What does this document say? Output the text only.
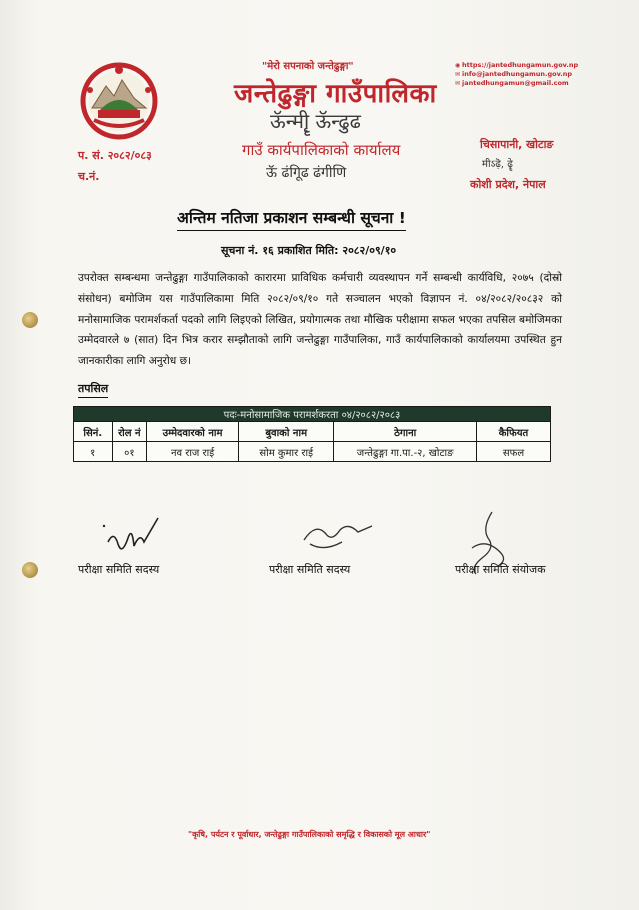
"मेरो सपनाको जन्तेढुङ्गा"
जन्तेढुङ्गा गाउँपालिका
ऊॅन्मीॄ़ ऊॅन्ढुढ
गाउँ कार्यपालिकाको कार्यालय
ऊॅ ढंगिूढ ढंगीणि
◉ https://jantedhungamun.gov.np
✉ info@jantedhungamun.gov.np
✉ jantedhungamun@gmail.com
चिसापानी, खोटाङ
मीऽढ़ॆ, ढेॄ़
कोशी प्रदेश, नेपाल
प. सं. २०८२/०८३
च.नं.
अन्तिम नतिजा प्रकाशन सम्बन्धी सूचना !
सूचना नं. १६ प्रकाशित मिति: २०८२/०९/१०
उपरोक्त सम्बन्धमा जन्तेढुङ्गा गाउँपालिकाको कारारमा प्राविधिक कर्मचारी व्यवस्थापन गर्ने सम्बन्धी कार्यविधि, २०७५ (दोस्रो संसोधन) बमोजिम यस गाउँपालिकामा मिति २०८२/०९/१० गते सञ्चालन भएको विज्ञापन नं. ०४/२०८२/२०८३२ को मनोसामाजिक परामर्शकर्ता पदको लागि लिइएको लिखित, प्रयोगात्मक तथा मौखिक परीक्षामा सफल भएका तपसिल बमोजिमका उम्मेदवारले ७ (सात) दिन भित्र करार सम्झौताको लागि जन्तेढुङ्गा गाउँपालिका, गाउँ कार्यपालिकाको कार्यालयमा उपस्थित हुन जानकारीका लागि अनुरोध छ।
तपसिल
पदः-मनोसामाजिक परामर्शकरता ०४/२०८२/२०८३					
सिनं.	रोल नं	उम्मेदवारको नाम	बुवाको नाम	ठेगाना	कैफियत
१	०१	नव राज राई	सोम कुमार राई	जन्तेढुङ्गा गा.पा.-२, खोटाङ	सफल
परीक्षा समिति सदस्य	परीक्षा समिति सदस्य	परीक्षा समिति संयोजक
"कृषि, पर्यटन र पूर्वाधार, जन्तेढुङ्गा गाउँपालिकाको समृद्धि र विकासको मूल आधार"
